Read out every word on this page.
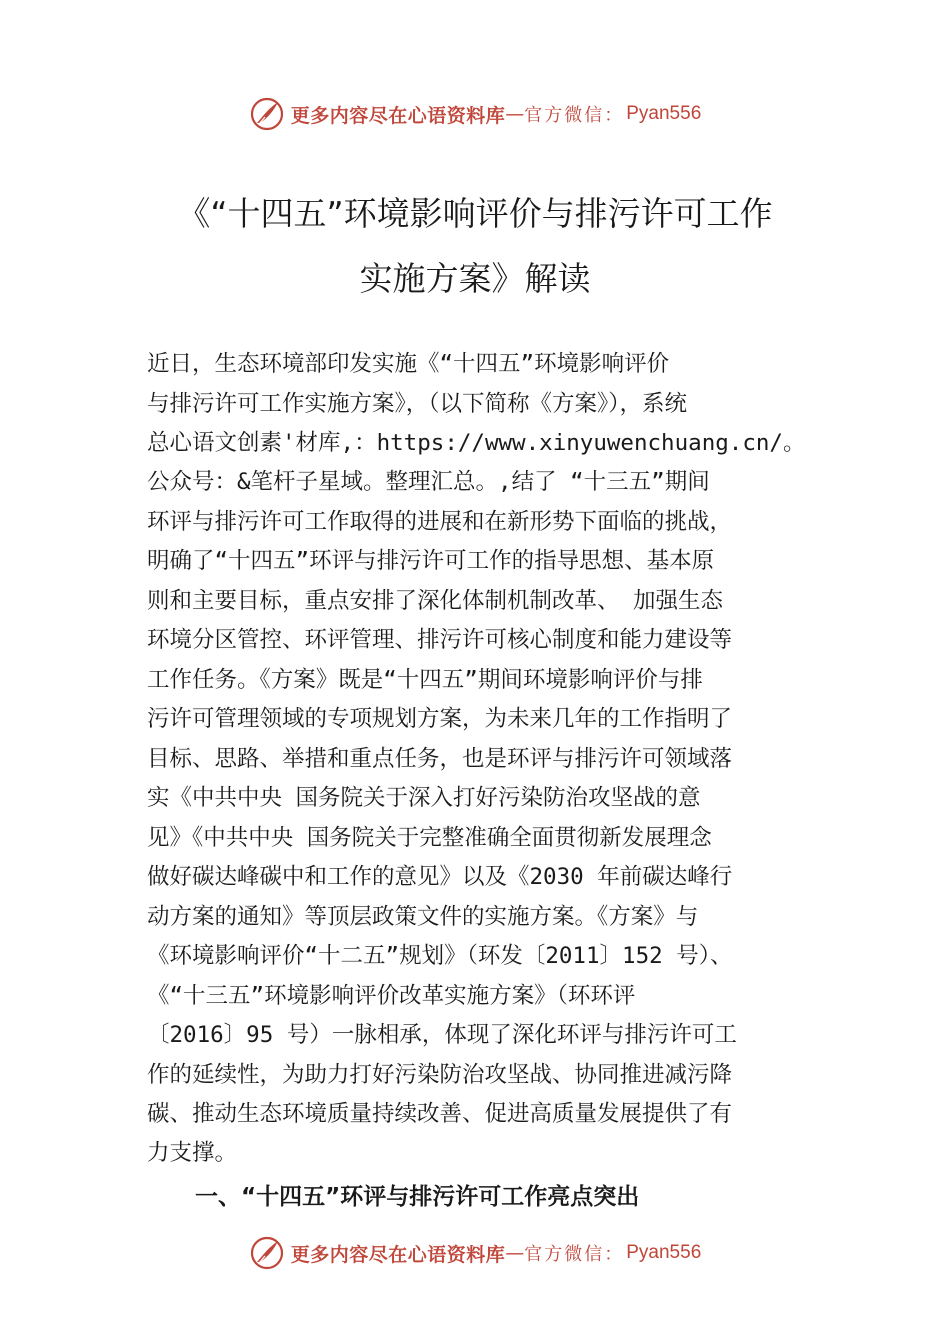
更多内容尽在心语资料库 — 官方微信： Pyan556
《“十四五”环境影响评价与排污许可工作
实施方案》解读
近日，生态环境部印发实施《“十四五”环境影响评价
与排污许可工作实施方案》，（以下简称《方案》），系统
总心语文创素'材库,：https://www.xinyuwenchuang.cn/。
公众号：&笔杆子星域。整理汇总。,结了 “十三五”期间
环评与排污许可工作取得的进展和在新形势下面临的挑战，
明确了“十四五”环评与排污许可工作的指导思想、基本原
则和主要目标，重点安排了深化体制机制改革、 加强生态
环境分区管控、环评管理、排污许可核心制度和能力建设等
工作任务。《方案》既是“十四五”期间环境影响评价与排
污许可管理领域的专项规划方案，为未来几年的工作指明了
目标、思路、举措和重点任务，也是环评与排污许可领域落
实《中共中央 国务院关于深入打好污染防治攻坚战的意
见》《中共中央 国务院关于完整准确全面贯彻新发展理念
做好碳达峰碳中和工作的意见》以及《2030 年前碳达峰行
动方案的通知》等顶层政策文件的实施方案。《方案》与
《环境影响评价“十二五”规划》（环发〔2011〕152 号）、
《“十三五”环境影响评价改革实施方案》（环环评
〔2016〕95 号）一脉相承，体现了深化环评与排污许可工
作的延续性，为助力打好污染防治攻坚战、协同推进减污降
碳、推动生态环境质量持续改善、促进高质量发展提供了有
力支撑。
一、“十四五”环评与排污许可工作亮点突出
更多内容尽在心语资料库 — 官方微信： Pyan556
